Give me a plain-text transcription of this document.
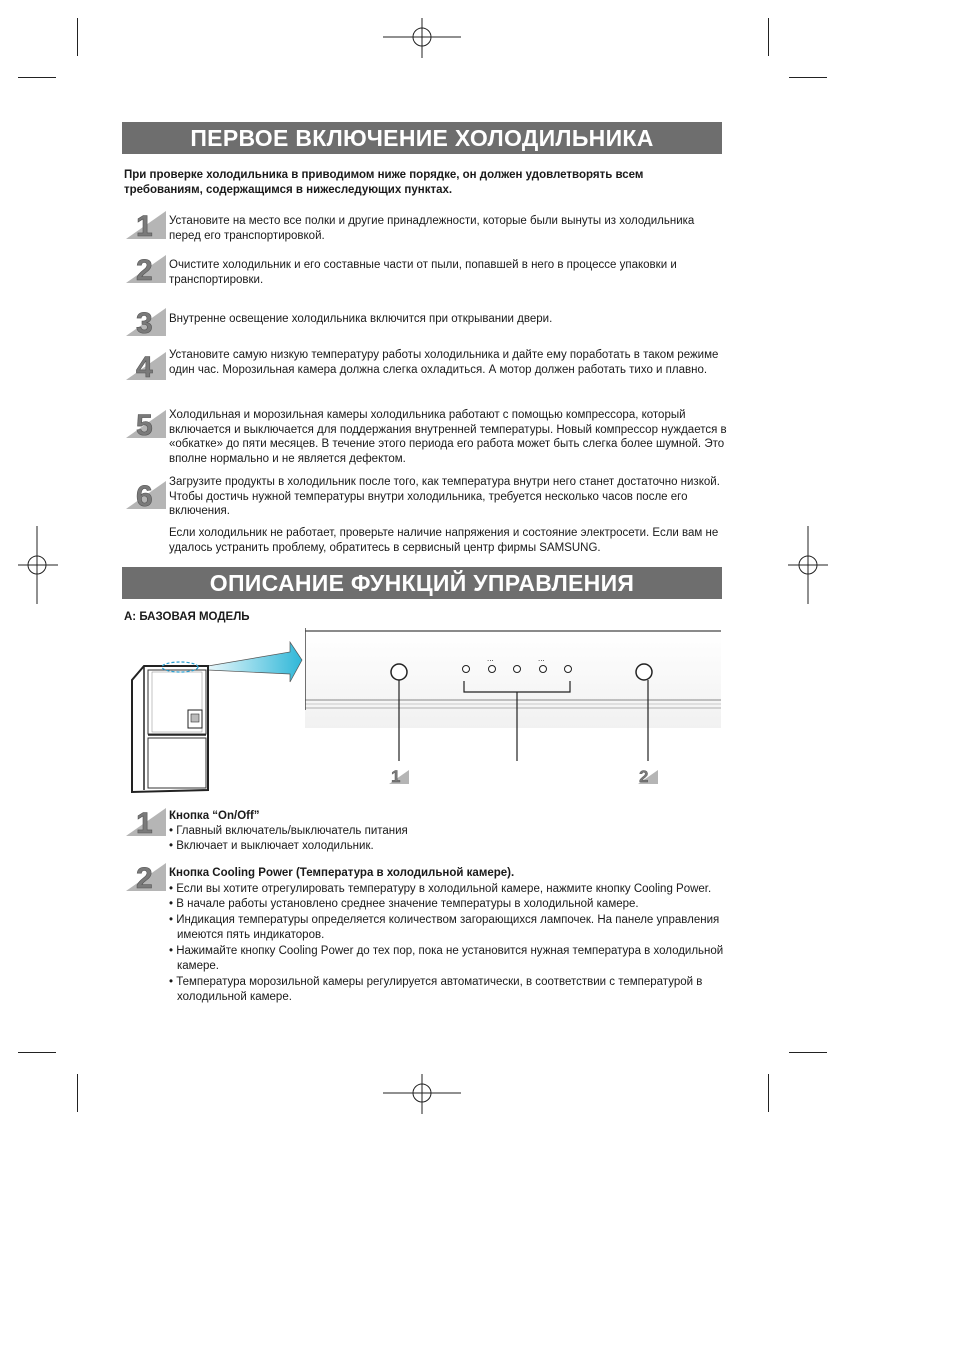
ПЕРВОЕ ВКЛЮЧЕНИЕ ХОЛОДИЛЬНИКА
При проверке холодильника в приводимом ниже порядке, он должен удовлетворять всем требованиям, содержащимся в нижеследующих пунктах.
1 Установите на место все полки и другие принадлежности, которые были вынуты из холодильника перед его транспортировкой.
2 Очистите холодильник и его составные части от пыли, попавшей в него в процессе упаковки и транспортировки.
3 Внутренне освещение холодильника включится при открывании двери.
4 Установите самую низкую температуру работы холодильника и дайте ему поработать в таком режиме один час. Морозильная камера должна слегка охладиться. А мотор должен работать тихо и плавно.
5 Холодильная и морозильная камеры холодильника работают с помощью компрессора, который включается и выключается для поддержания внутренней температуры. Новый компрессор нуждается в «обкатке» до пяти месяцев. В течение этого периода его работа может быть слегка более шумной. Это вполне нормально и не является дефектом.
6 Загрузите продукты в холодильник после того, как температура внутри него станет достаточно низкой. Чтобы достичь нужной температуры внутри холодильника, требуется несколько часов после его включения.
Если холодильник не работает, проверьте наличие напряжения и состояние электросети. Если вам не удалось устранить проблему, обратитесь в сервисный центр фирмы SAMSUNG.
ОПИСАНИЕ ФУНКЦИЙ УПРАВЛЕНИЯ
A: БАЗОВАЯ МОДЕЛЬ
...	...
1	2
1 Кнопка “On/Off”
• Главный включатель/выключатель питания
• Включает и выключает холодильник.
2 Кнопка Cooling Power (Температура в холодильной камере).
• Если вы хотите отрегулировать температуру в холодильной камере, нажмите кнопку Cooling Power.
• В начале работы установлено среднее значение температуры в холодильной камере.
• Индикация температуры определяется количеством загорающихся лампочек. На панеле управления имеются пять индикаторов.
• Нажимайте кнопку Cooling Power до тех пор, пока не установится нужная температура в холодильной камере.
• Температура морозильной камеры регулируется автоматически, в соответствии с температурой в холодильной камере.
